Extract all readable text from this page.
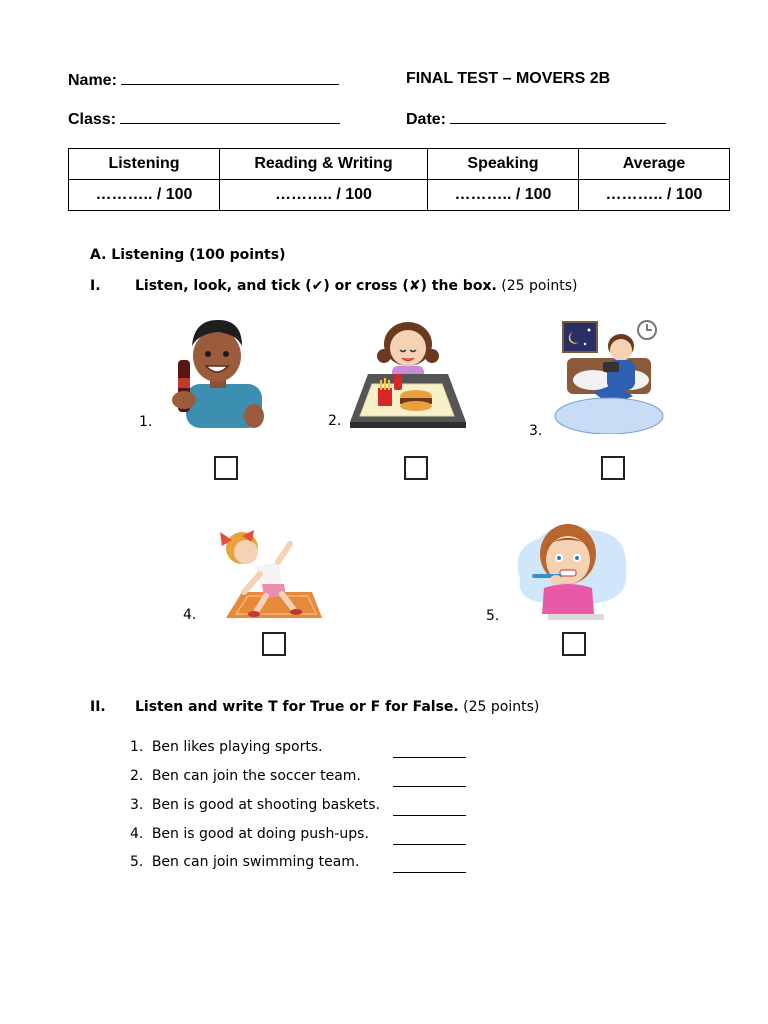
Name:	FINAL TEST – MOVERS 2B
Class:	Date:
Listening	Reading & Writing	Speaking	Average
……….. / 100	……….. / 100	……….. / 100	……….. / 100
A. Listening (100 points)
I. Listen, look, and tick (✔) or cross (✘) the box. (25 points)
1.	2.
3.
4.	5.
II. Listen and write T for True or F for False. (25 points)
1. Ben likes playing sports.
2. Ben can join the soccer team.
3. Ben is good at shooting baskets.
4. Ben is good at doing push-ups.
5. Ben can join swimming team.
